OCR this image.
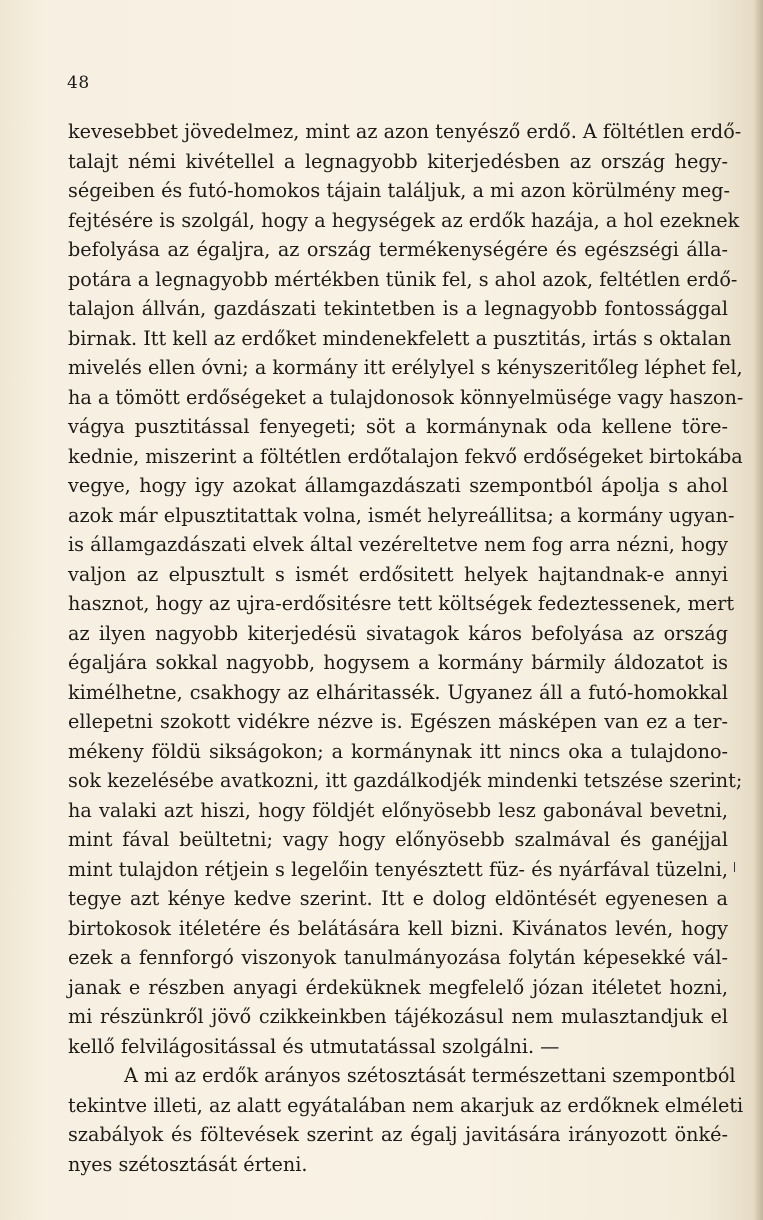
48
kevesebbet jövedelmez, mint az azon tenyésző erdő. A föltétlen erdő-
talajt némi kivétellel a legnagyobb kiterjedésben az ország hegy-
ségeiben és futó-homokos tájain találjuk, a mi azon körülmény meg-
fejtésére is szolgál, hogy a hegységek az erdők hazája, a hol ezeknek
befolyása az égaljra, az ország termékenységére és egészségi álla-
potára a legnagyobb mértékben tünik fel, s ahol azok, feltétlen erdő-
talajon állván, gazdászati tekintetben is a legnagyobb fontossággal
birnak. Itt kell az erdőket mindenekfelett a pusztitás, irtás s oktalan
mivelés ellen óvni; a kormány itt erélylyel s kényszeritőleg léphet fel,
ha a tömött erdőségeket a tulajdonosok könnyelmüsége vagy haszon-
vágya pusztitással fenyegeti; söt a kormánynak oda kellene töre-
kednie, miszerint a föltétlen erdőtalajon fekvő erdőségeket birtokába
vegye, hogy igy azokat államgazdászati szempontból ápolja s ahol
azok már elpusztitattak volna, ismét helyreállitsa; a kormány ugyan-
is államgazdászati elvek által vezéreltetve nem fog arra nézni, hogy
valjon az elpusztult s ismét erdősitett helyek hajtandnak-e annyi
hasznot, hogy az ujra-erdősitésre tett költségek fedeztessenek, mert
az ilyen nagyobb kiterjedésü sivatagok káros befolyása az ország
égaljára sokkal nagyobb, hogysem a kormány bármily áldozatot is
kimélhetne, csakhogy az elháritassék. Ugyanez áll a futó-homokkal
ellepetni szokott vidékre nézve is. Egészen másképen van ez a ter-
mékeny földü sikságokon; a kormánynak itt nincs oka a tulajdono-
sok kezelésébe avatkozni, itt gazdálkodjék mindenki tetszése szerint;
ha valaki azt hiszi, hogy földjét előnyösebb lesz gabonával bevetni,
mint fával beültetni; vagy hogy előnyösebb szalmával és ganéjjal
mint tulajdon rétjein s legelőin tenyésztett füz- és nyárfával tüzelni,
tegye azt kénye kedve szerint. Itt e dolog eldöntését egyenesen a
birtokosok itéletére és belátására kell bizni. Kivánatos levén, hogy
ezek a fennforgó viszonyok tanulmányozása folytán képesekké vál-
janak e részben anyagi érdeküknek megfelelő józan itéletet hozni,
mi részünkről jövő czikkeinkben tájékozásul nem mulasztandjuk el
kellő felvilágositással és utmutatással szolgálni. —
A mi az erdők arányos szétosztását természettani szempontból
tekintve illeti, az alatt egyátalában nem akarjuk az erdőknek elméleti
szabályok és föltevések szerint az égalj javitására irányozott önké-
nyes szétosztását érteni.
